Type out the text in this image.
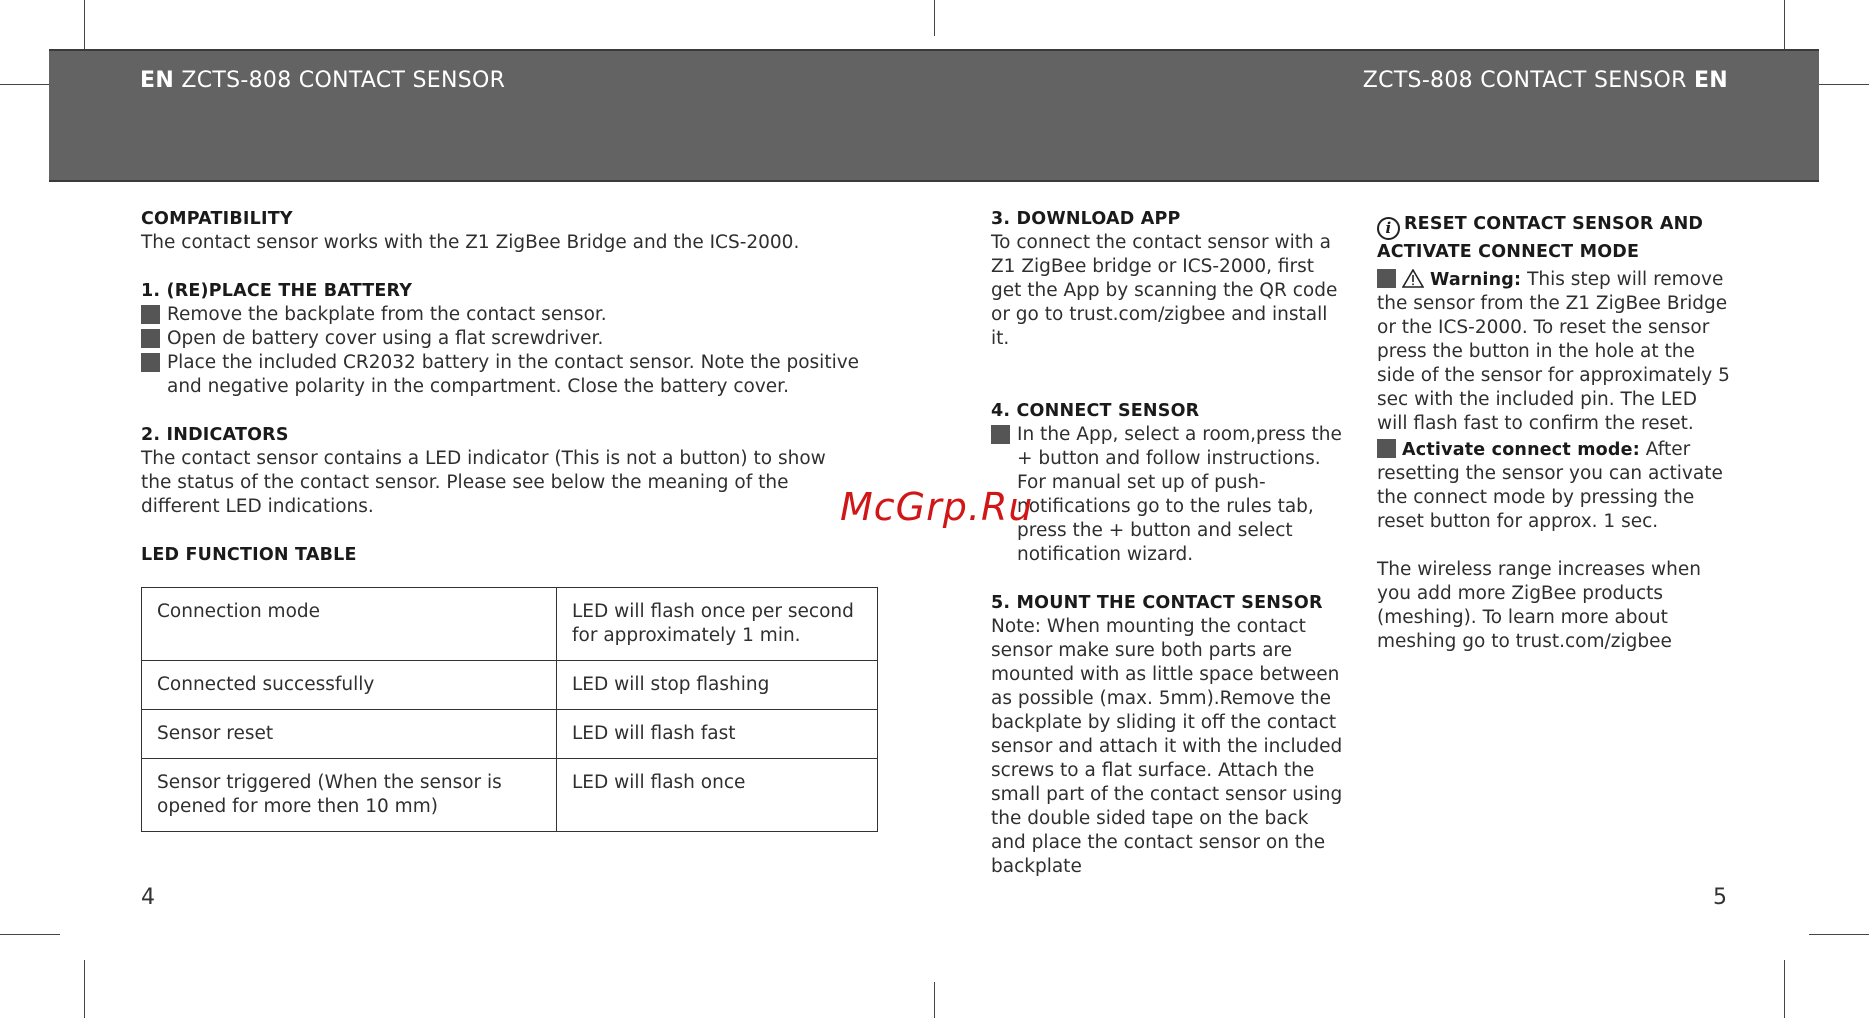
EN ZCTS-808 CONTACT SENSOR	ZCTS-808 CONTACT SENSOR EN

COMPATIBILITY

The contact sensor works with the Z1 ZigBee Bridge and the ICS-2000.

1. (RE)PLACE THE BATTERY

Remove the backplate from the contact sensor.
Open de battery cover using a flat screwdriver.
Place the included CR2032 battery in the contact sensor. Note the positive and negative polarity in the compartment. Close the battery cover.

2. INDICATORS

The contact sensor contains a LED indicator (This is not a button) to show the status of the contact sensor. Please see below the meaning of the different LED indications.

LED FUNCTION TABLE

Connection mode	LED will flash once per second for approximately 1 min.
Connected successfully	LED will stop flashing
Sensor reset	LED will flash fast
Sensor triggered (When the sensor is opened for more then 10 mm)	LED will flash once
4

3. DOWNLOAD APP

To connect the contact sensor with a Z1 ZigBee bridge or ICS-2000, first get the App by scanning the QR code or go to trust.com/zigbee and install it.

4. CONNECT SENSOR

In the App, select a room,press the + button and follow instructions. For manual set up of push-notifications go to the rules tab, press the + button and select notification wizard.

5. MOUNT THE CONTACT SENSOR

Note: When mounting the contact sensor make sure both parts are mounted with as little space between as possible (max. 5mm).Remove the backplate by sliding it off the contact sensor and attach it with the included screws to a flat surface. Attach the small part of the contact sensor using the double sided tape on the back and place the contact sensor on the backplate

i RESET CONTACT SENSOR AND ACTIVATE CONNECT MODE

Warning: This step will remove the sensor from the Z1 ZigBee Bridge or the ICS-2000. To reset the sensor press the button in the hole at the side of the sensor for approximately 5 sec with the included pin. The LED will flash fast to confirm the reset.

Activate connect mode: After resetting the sensor you can activate the connect mode by pressing the reset button for approx. 1 sec.

The wireless range increases when you add more ZigBee products (meshing). To learn more about meshing go to trust.com/zigbee

5
McGrp.Ru
